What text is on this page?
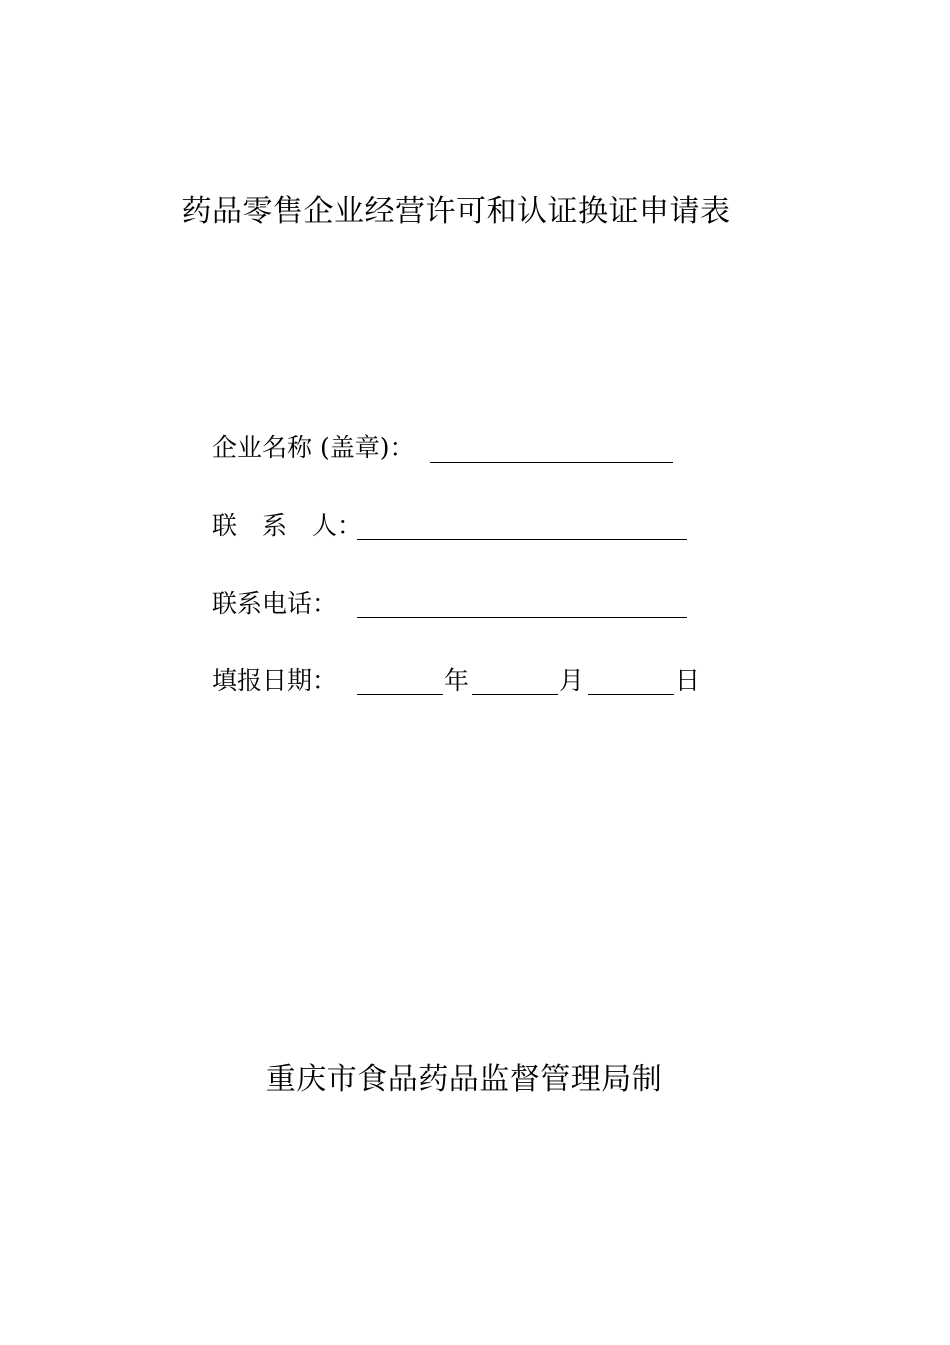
药品零售企业经营许可和认证换证申请表
企业名称 (盖章)：
联　系　人：
联系电话：
填报日期：	年	月	日
重庆市食品药品监督管理局制
